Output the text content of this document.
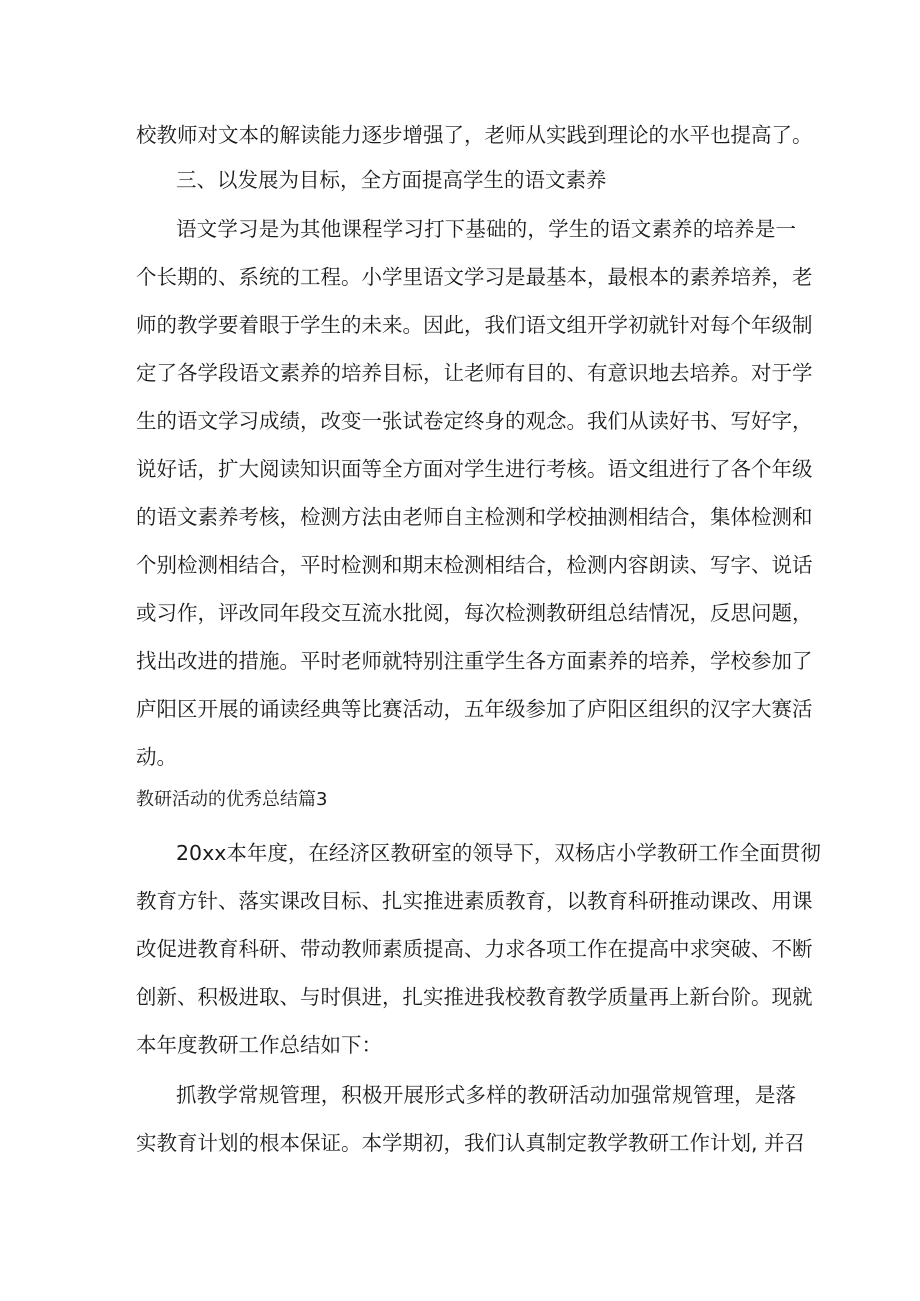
校教师对文本的解读能力逐步增强了，老师从实践到理论的水平也提高了。

三、以发展为目标，全方面提高学生的语文素养

语文学习是为其他课程学习打下基础的，学生的语文素养的培养是一

个长期的、系统的工程。小学里语文学习是最基本，最根本的素养培养，老

师的教学要着眼于学生的未来。因此，我们语文组开学初就针对每个年级制

定了各学段语文素养的培养目标，让老师有目的、有意识地去培养。对于学

生的语文学习成绩，改变一张试卷定终身的观念。我们从读好书、写好字，

说好话，扩大阅读知识面等全方面对学生进行考核。语文组进行了各个年级

的语文素养考核，检测方法由老师自主检测和学校抽测相结合，集体检测和

个别检测相结合，平时检测和期末检测相结合，检测内容朗读、写字、说话

或习作，评改同年段交互流水批阅，每次检测教研组总结情况，反思问题，

找出改进的措施。平时老师就特别注重学生各方面素养的培养，学校参加了

庐阳区开展的诵读经典等比赛活动，五年级参加了庐阳区组织的汉字大赛活

动。

教研活动的优秀总结篇3

20xx本年度，在经济区教研室的领导下，双杨店小学教研工作全面贯彻

教育方针、落实课改目标、扎实推进素质教育，以教育科研推动课改、用课

改促进教育科研、带动教师素质提高、力求各项工作在提高中求突破、不断

创新、积极进取、与时俱进，扎实推进我校教育教学质量再上新台阶。现就

本年度教研工作总结如下：

抓教学常规管理，积极开展形式多样的教研活动加强常规管理，是落

实教育计划的根本保证。本学期初，我们认真制定教学教研工作计划, 并召
